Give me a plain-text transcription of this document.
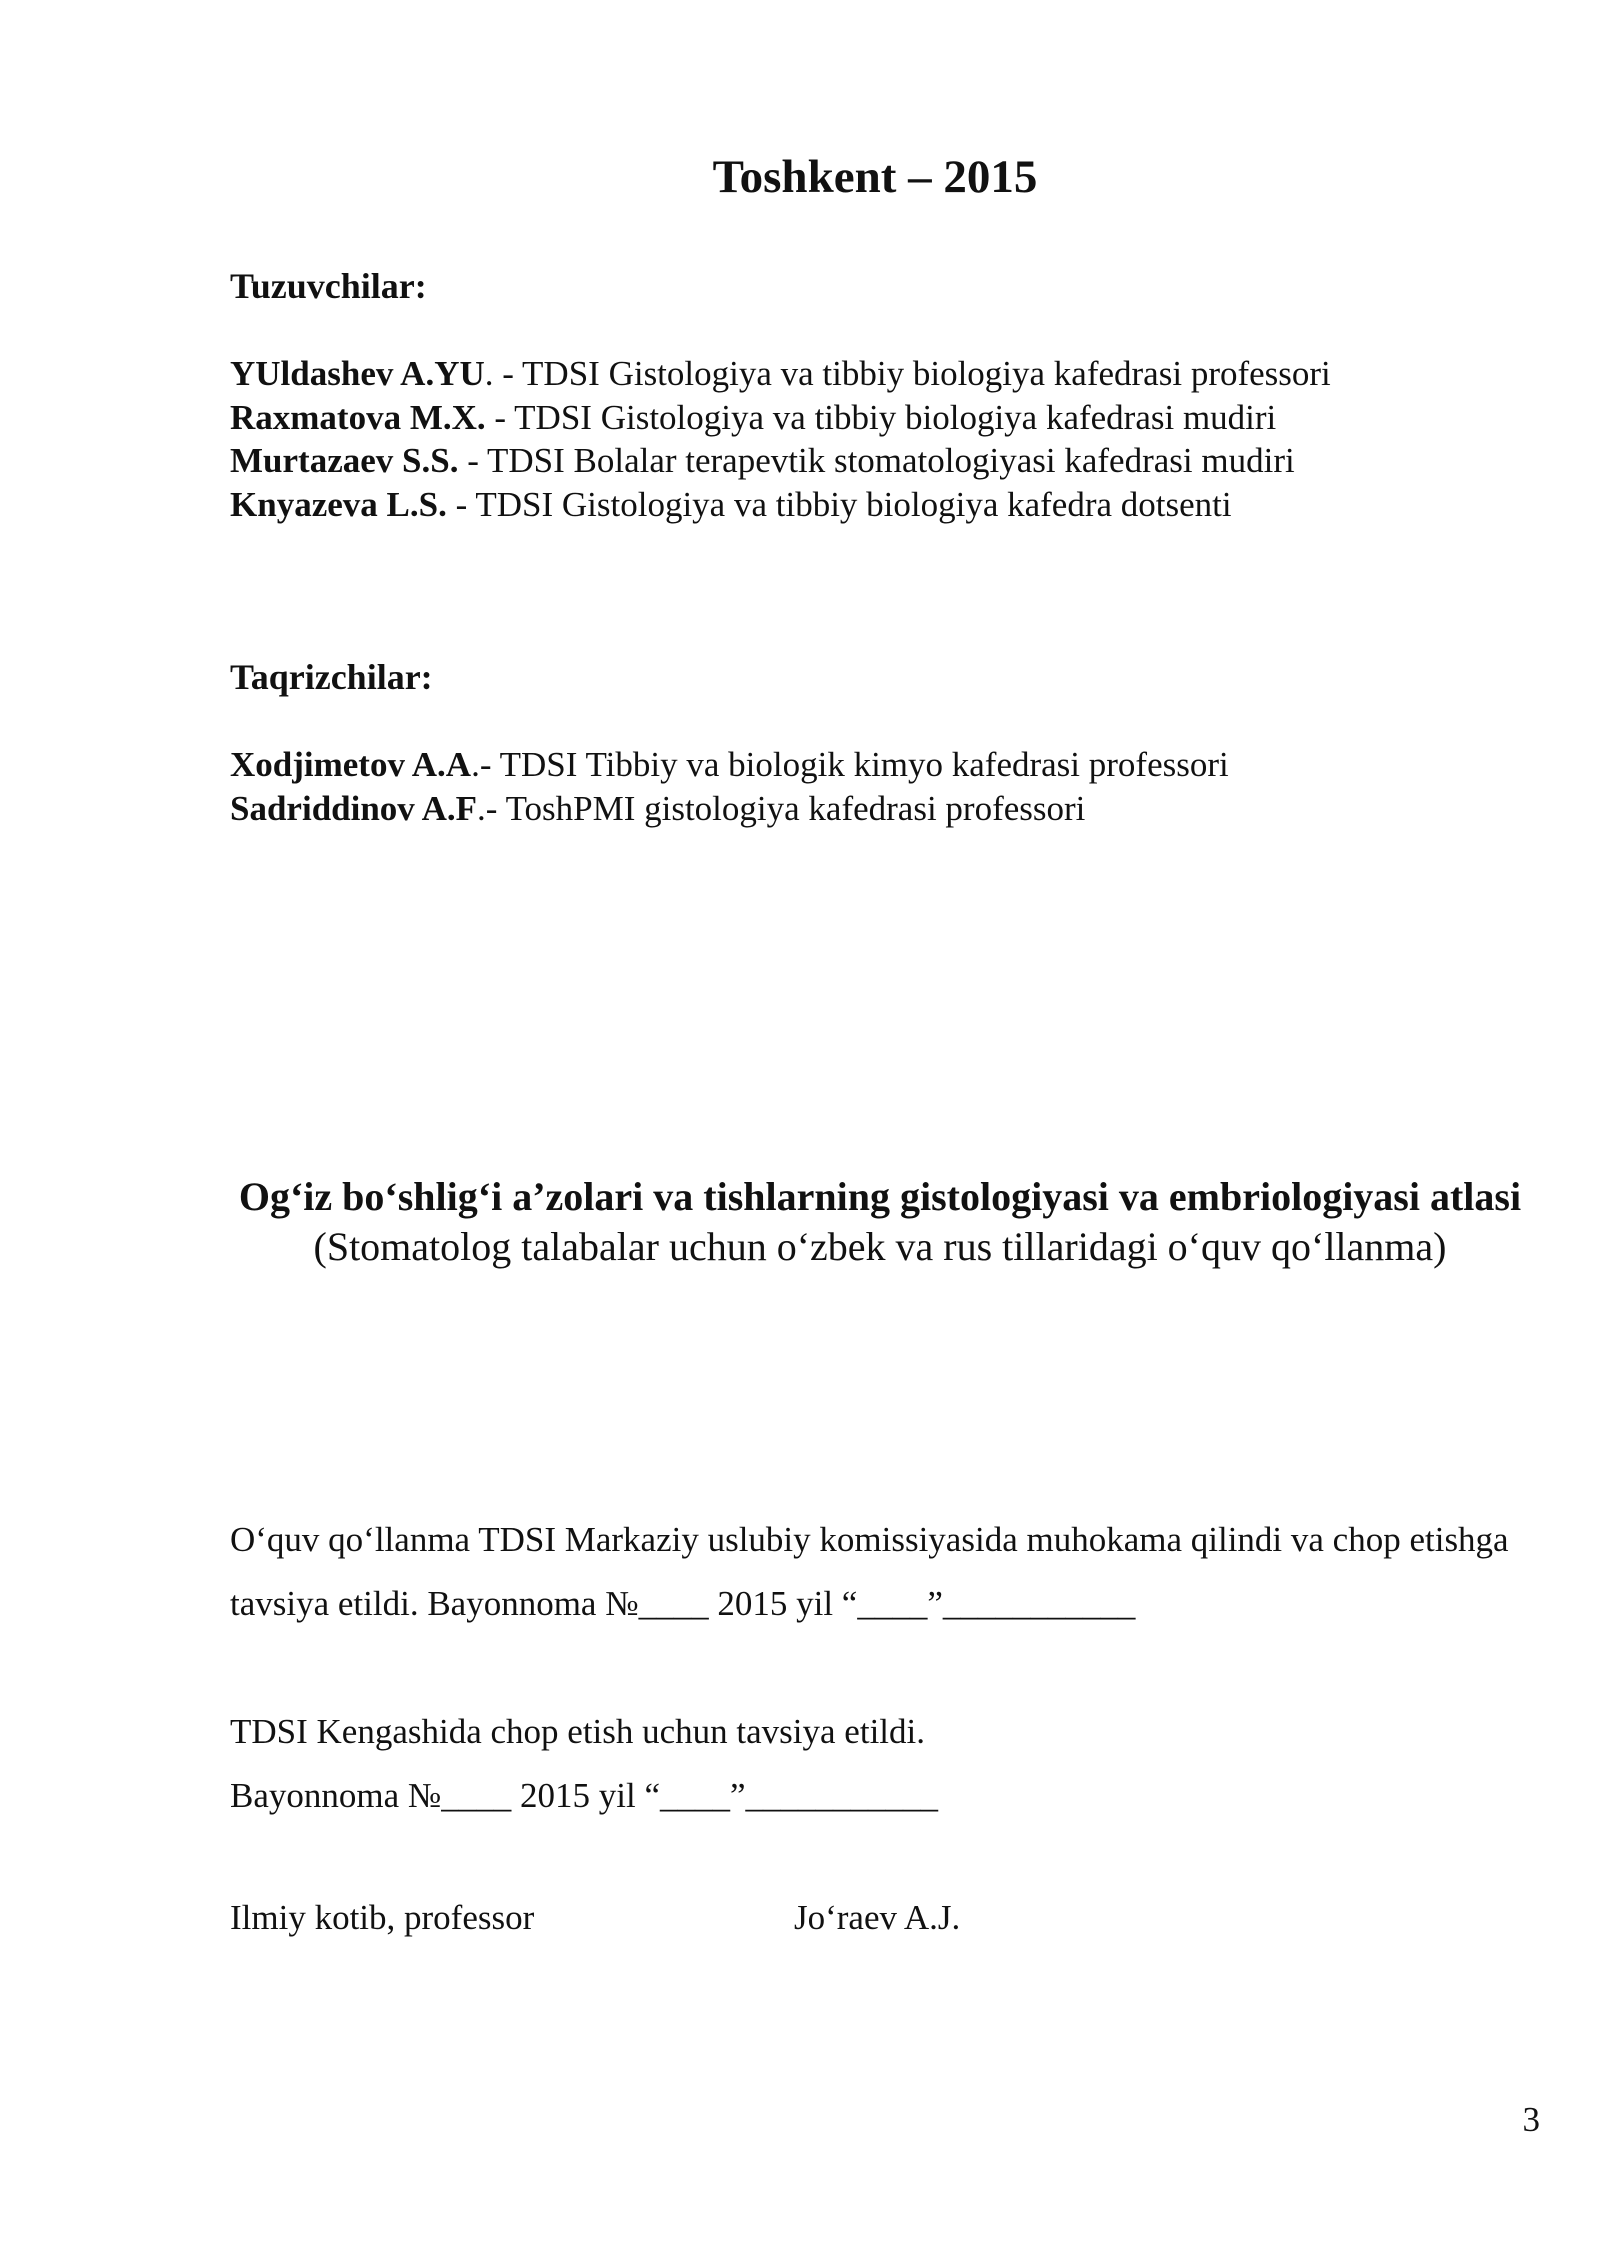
Toshkent – 2015
Tuzuvchilar:
YUldashev A.YU. - TDSI Gistologiya va tibbiy biologiya kafedrasi professori
Raxmatova M.X. - TDSI Gistologiya va tibbiy biologiya kafedrasi mudiri
Murtazaev S.S. - TDSI Bolalar terapevtik stomatologiyasi kafedrasi mudiri
Knyazeva L.S. - TDSI Gistologiya va tibbiy biologiya kafedra dotsenti
Taqrizchilar:
Xodjimetov A.A.- TDSI Tibbiy va biologik kimyo kafedrasi professori
Sadriddinov A.F.- ToshPMI gistologiya kafedrasi professori

Og‘iz bo‘shlig‘i a’zolari va tishlarning gistologiyasi va embriologiyasi atlasi

(Stomatolog talabalar uchun o‘zbek va rus tillaridagi o‘quv qo‘llanma)

O‘quv qo‘llanma TDSI Markaziy uslubiy komissiyasida muhokama qilindi va chop etishga tavsiya etildi. Bayonnoma №____ 2015 yil “____”___________

TDSI Kengashida chop etish uchun tavsiya etildi.
Bayonnoma №____ 2015 yil “____”___________

Ilmiy kotib, professor	Jo‘raev A.J.

3
